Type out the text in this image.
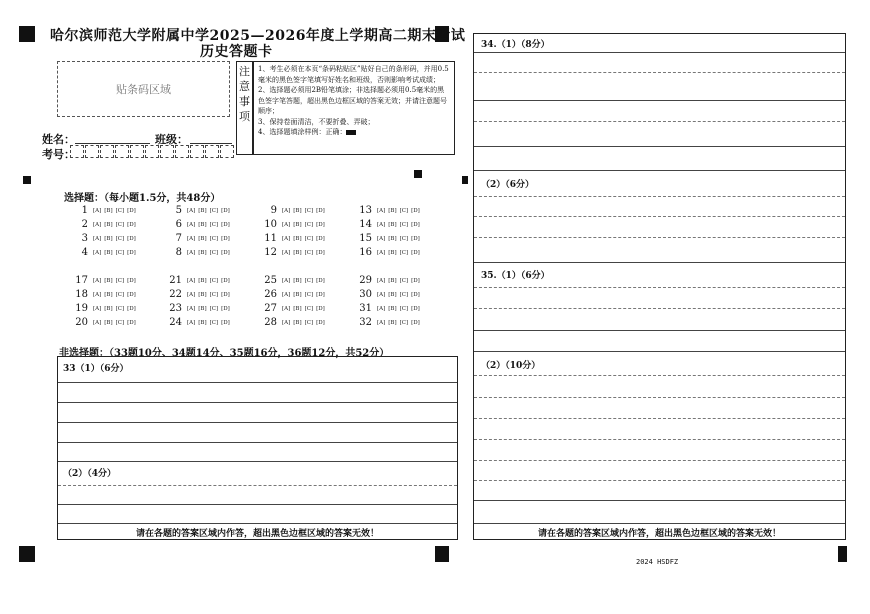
哈尔滨师范大学附属中学2025—2026年度上学期高二期末考试
历史答题卡
贴条码区域
姓名：	班级：
考号：
注
意
事
项
1、考生必须在本页“条码粘贴区”贴好自己的条形码，并用0.5毫米的黑色签字笔填写好姓名和班级，否则影响考试成绩；
2、选择题必须用2B铅笔填涂；非选择题必须用0.5毫米的黑色签字笔答题，超出黑色边框区域的答案无效；并请注意题号顺序；
3、保持卷面清洁，不要折叠、弄破；
4、选择题填涂样例：正确：
选择题：（每小题1.5分，共48分）
1 [A] [B] [C] [D]
2 [A] [B] [C] [D]
3 [A] [B] [C] [D]
4 [A] [B] [C] [D]
5 [A] [B] [C] [D]
6 [A] [B] [C] [D]
7 [A] [B] [C] [D]
8 [A] [B] [C] [D]
9 [A] [B] [C] [D]
10 [A] [B] [C] [D]
11 [A] [B] [C] [D]
12 [A] [B] [C] [D]
13 [A] [B] [C] [D]
14 [A] [B] [C] [D]
15 [A] [B] [C] [D]
16 [A] [B] [C] [D]
17 [A] [B] [C] [D]
18 [A] [B] [C] [D]
19 [A] [B] [C] [D]
20 [A] [B] [C] [D]
21 [A] [B] [C] [D]
22 [A] [B] [C] [D]
23 [A] [B] [C] [D]
24 [A] [B] [C] [D]
25 [A] [B] [C] [D]
26 [A] [B] [C] [D]
27 [A] [B] [C] [D]
28 [A] [B] [C] [D]
29 [A] [B] [C] [D]
30 [A] [B] [C] [D]
31 [A] [B] [C] [D]
32 [A] [B] [C] [D]
非选择题：（33题10分、34题14分、35题16分，36题12分，共52分）
33（1）（6分）
（2）（4分）
请在各题的答案区域内作答，超出黑色边框区域的答案无效！
34.（1）（8分）
（2）（6分）
35.（1）（6分）
（2）（10分）
请在各题的答案区域内作答，超出黑色边框区域的答案无效！
2024 HSDFZ
